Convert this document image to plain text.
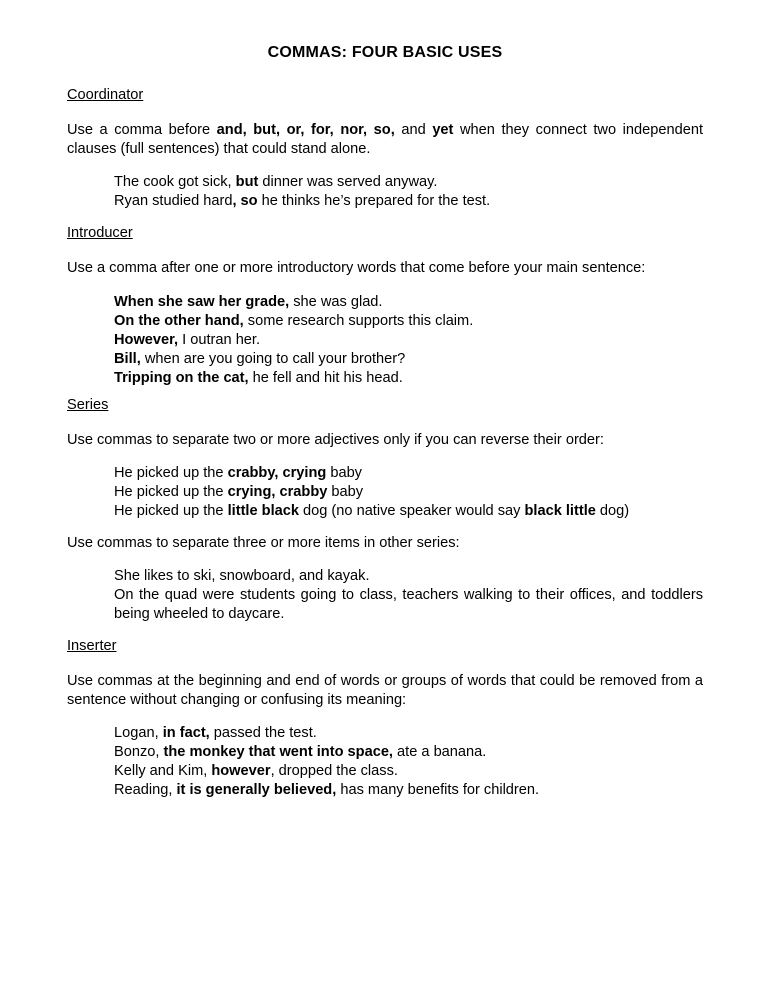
COMMAS: FOUR BASIC USES
Coordinator
Use a comma before and, but, or, for, nor, so, and yet when they connect two independent clauses (full sentences) that could stand alone.
The cook got sick, but dinner was served anyway.
Ryan studied hard, so he thinks he’s prepared for the test.
Introducer
Use a comma after one or more introductory words that come before your main sentence:
When she saw her grade, she was glad.
On the other hand, some research supports this claim.
However, I outran her.
Bill, when are you going to call your brother?
Tripping on the cat, he fell and hit his head.
Series
Use commas to separate two or more adjectives only if you can reverse their order:
He picked up the crabby, crying baby
He picked up the crying, crabby baby
He picked up the little black dog (no native speaker would say black little dog)
Use commas to separate three or more items in other series:
She likes to ski, snowboard, and kayak.
On the quad were students going to class, teachers walking to their offices, and toddlers being wheeled to daycare.
Inserter
Use commas at the beginning and end of words or groups of words that could be removed from a sentence without changing or confusing its meaning:
Logan, in fact, passed the test.
Bonzo, the monkey that went into space, ate a banana.
Kelly and Kim, however, dropped the class.
Reading, it is generally believed, has many benefits for children.
